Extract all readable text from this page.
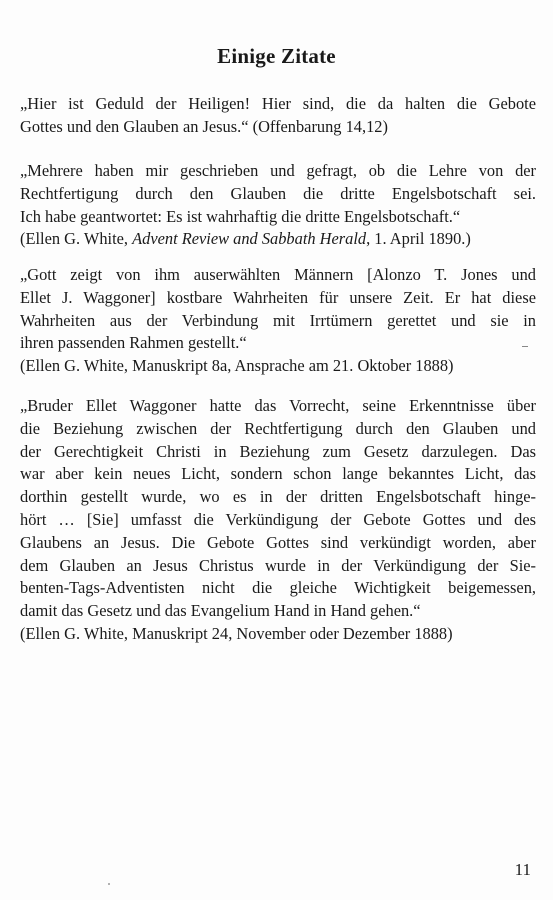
Einige Zitate
„Hier ist Geduld der Heiligen! Hier sind, die da halten die Gebote
Gottes und den Glauben an Jesus.“ (Offenbarung 14,12)
„Mehrere haben mir geschrieben und gefragt, ob die Lehre von der
Rechtfertigung durch den Glauben die dritte Engelsbotschaft sei.
Ich habe geantwortet: Es ist wahrhaftig die dritte Engelsbotschaft.“
(Ellen G. White, Advent Review and Sabbath Herald, 1. April 1890.)
„Gott zeigt von ihm auserwählten Männern [Alonzo T. Jones und
Ellet J. Waggoner] kostbare Wahrheiten für unsere Zeit. Er hat diese
Wahrheiten aus der Verbindung mit Irrtümern gerettet und sie in
ihren passenden Rahmen gestellt.“
(Ellen G. White, Manuskript 8a, Ansprache am 21. Oktober 1888)
„Bruder Ellet Waggoner hatte das Vorrecht, seine Erkenntnisse über
die Beziehung zwischen der Rechtfertigung durch den Glauben und
der Gerechtigkeit Christi in Beziehung zum Gesetz darzulegen. Das
war aber kein neues Licht, sondern schon lange bekanntes Licht, das
dorthin gestellt wurde, wo es in der dritten Engelsbotschaft hinge-
hört … [Sie] umfasst die Verkündigung der Gebote Gottes und des
Glaubens an Jesus. Die Gebote Gottes sind verkündigt worden, aber
dem Glauben an Jesus Christus wurde in der Verkündigung der Sie-
benten-Tags-Adventisten nicht die gleiche Wichtigkeit beigemessen,
damit das Gesetz und das Evangelium Hand in Hand gehen.“
(Ellen G. White, Manuskript 24, November oder Dezember 1888)
11
